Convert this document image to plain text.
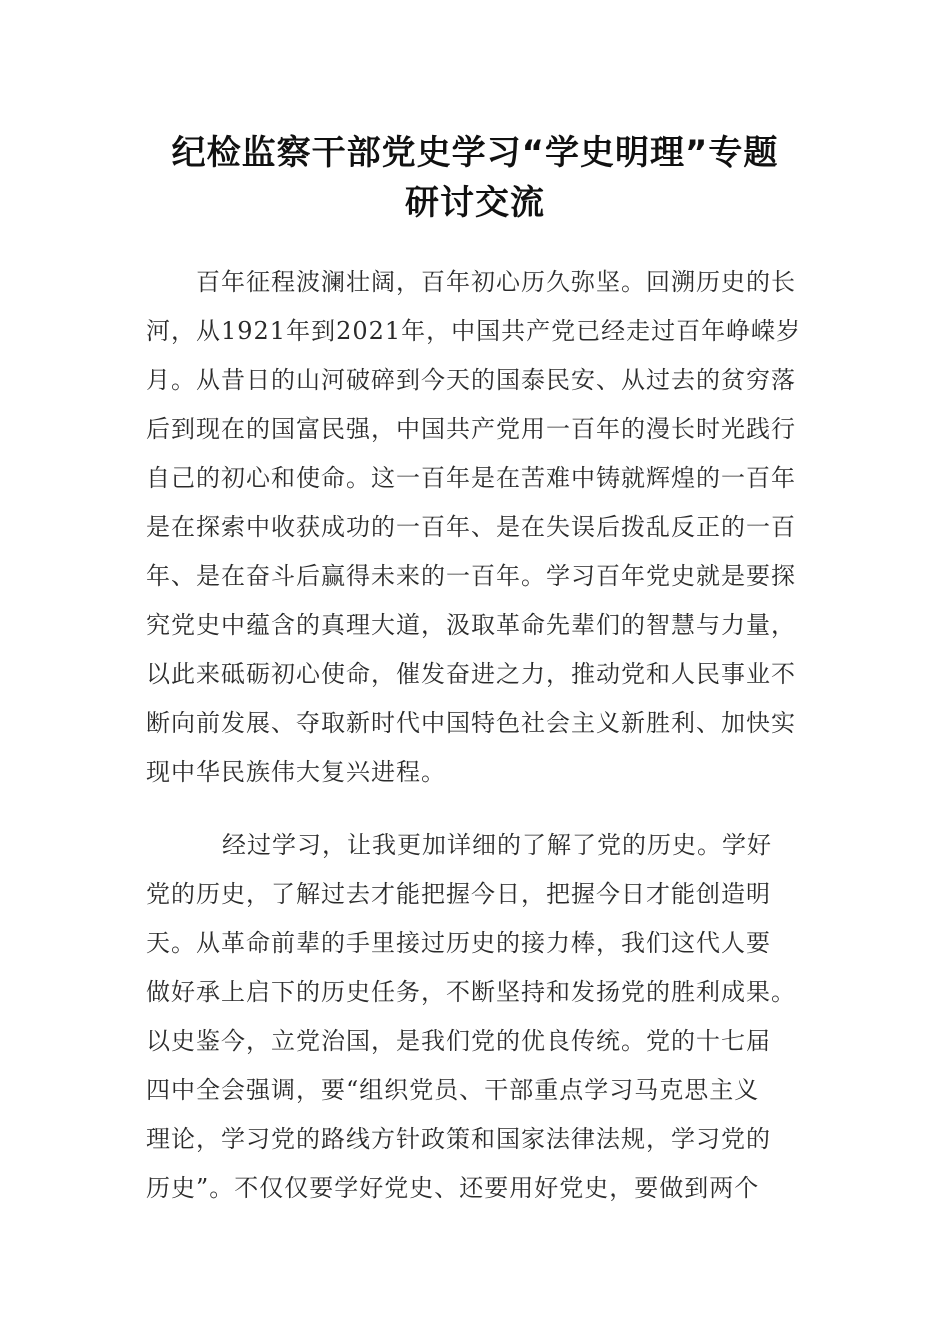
纪检监察干部党史学习“学史明理”专题
研讨交流
百年征程波澜壮阔，百年初心历久弥坚。回溯历史的长
河，从1921年到2021年，中国共产党已经走过百年峥嵘岁
月。从昔日的山河破碎到今天的国泰民安、从过去的贫穷落
后到现在的国富民强，中国共产党用一百年的漫长时光践行
自己的初心和使命。这一百年是在苦难中铸就辉煌的一百年
是在探索中收获成功的一百年、是在失误后拨乱反正的一百
年、是在奋斗后赢得未来的一百年。学习百年党史就是要探
究党史中蕴含的真理大道，汲取革命先辈们的智慧与力量，
以此来砥砺初心使命，催发奋进之力，推动党和人民事业不
断向前发展、夺取新时代中国特色社会主义新胜利、加快实
现中华民族伟大复兴进程。
经过学习，让我更加详细的了解了党的历史。学好
党的历史，了解过去才能把握今日，把握今日才能创造明
天。从革命前辈的手里接过历史的接力棒，我们这代人要
做好承上启下的历史任务，不断坚持和发扬党的胜利成果。
以史鉴今，立党治国，是我们党的优良传统。党的十七届
四中全会强调，要“组织党员、干部重点学习马克思主义
理论，学习党的路线方针政策和国家法律法规，学习党的
历史”。不仅仅要学好党史、还要用好党史，要做到两个
